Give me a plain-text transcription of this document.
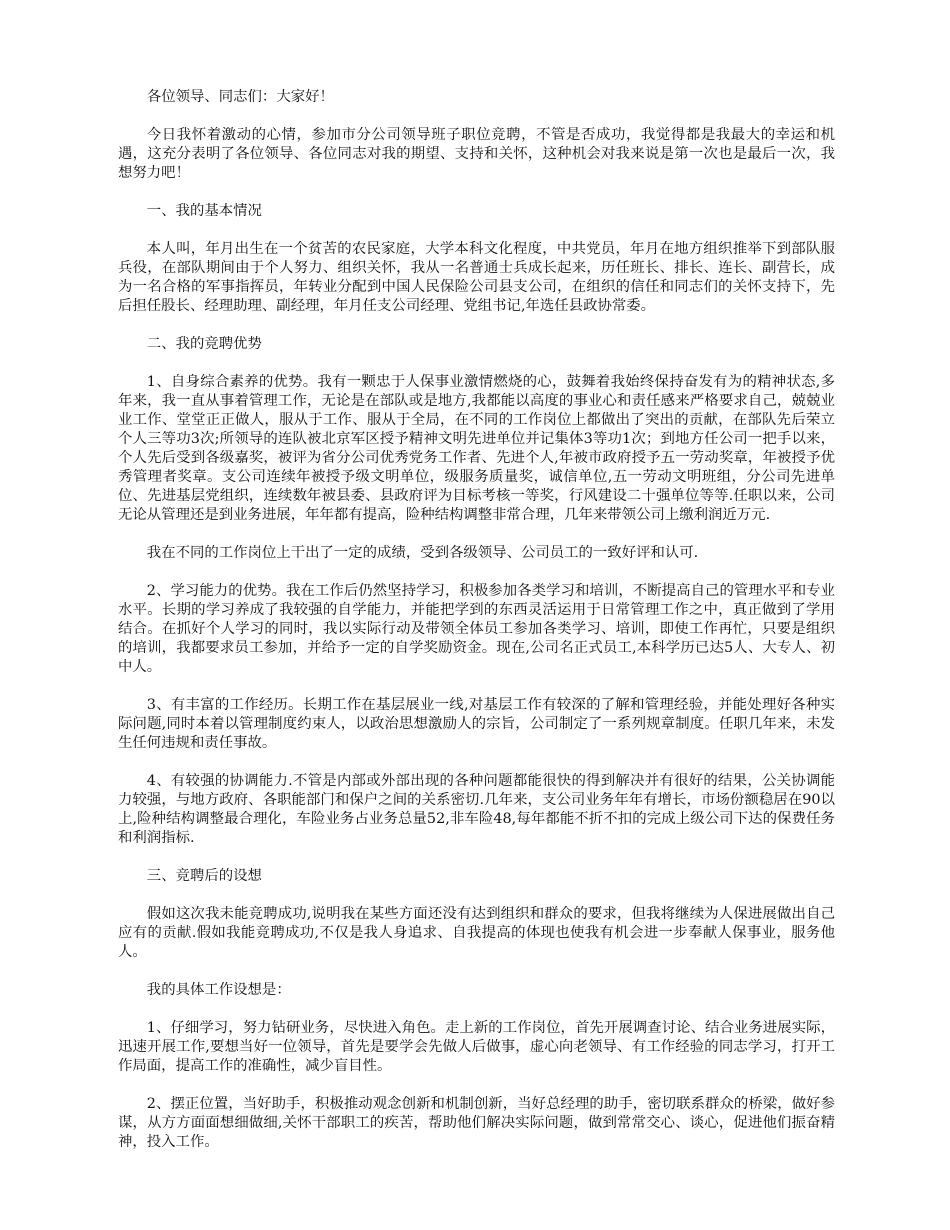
各位领导、同志们：大家好！

今日我怀着激动的心情，参加市分公司领导班子职位竞聘，不管是否成功，我觉得都是我最大的幸运和机遇，这充分表明了各位领导、各位同志对我的期望、支持和关怀，这种机会对我来说是第一次也是最后一次，我想努力吧！

一、我的基本情况

本人叫，年月出生在一个贫苦的农民家庭，大学本科文化程度，中共党员，年月在地方组织推举下到部队服兵役，在部队期间由于个人努力、组织关怀，我从一名普通士兵成长起来，历任班长、排长、连长、副营长，成为一名合格的军事指挥员，年转业分配到中国人民保险公司县支公司，在组织的信任和同志们的关怀支持下，先后担任股长、经理助理、副经理，年月任支公司经理、党组书记,年选任县政协常委。

二、我的竞聘优势

1、自身综合素养的优势。我有一颗忠于人保事业激情燃烧的心，鼓舞着我始终保持奋发有为的精神状态,多年来，我一直从事着管理工作，无论是在部队或是地方,我都能以高度的事业心和责任感来严格要求自己，兢兢业业工作、堂堂正正做人，服从于工作、服从于全局，在不同的工作岗位上都做出了突出的贡献，在部队先后荣立个人三等功3次;所领导的连队被北京军区授予精神文明先进单位并记集体3等功1次；到地方任公司一把手以来，个人先后受到各级嘉奖，被评为省分公司优秀党务工作者、先进个人,年被市政府授予五一劳动奖章，年被授予优秀管理者奖章。支公司连续年被授予级文明单位，级服务质量奖，诚信单位,五一劳动文明班组，分公司先进单位、先进基层党组织，连续数年被县委、县政府评为目标考核一等奖，行风建设二十强单位等等.任职以来，公司无论从管理还是到业务进展，年年都有提高，险种结构调整非常合理，几年来带领公司上缴利润近万元.

我在不同的工作岗位上干出了一定的成绩，受到各级领导、公司员工的一致好评和认可.

2、学习能力的优势。我在工作后仍然坚持学习，积极参加各类学习和培训，不断提高自己的管理水平和专业水平。长期的学习养成了我较强的自学能力，并能把学到的东西灵活运用于日常管理工作之中，真正做到了学用结合。在抓好个人学习的同时，我以实际行动及带领全体员工参加各类学习、培训，即使工作再忙，只要是组织的培训，我都要求员工参加，并给予一定的自学奖励资金。现在,公司名正式员工,本科学历已达5人、大专人、初中人。

3、有丰富的工作经历。长期工作在基层展业一线,对基层工作有较深的了解和管理经验，并能处理好各种实际问题,同时本着以管理制度约束人，以政治思想激励人的宗旨，公司制定了一系列规章制度。任职几年来，未发生任何违规和责任事故。

4、有较强的协调能力.不管是内部或外部出现的各种问题都能很快的得到解决并有很好的结果，公关协调能力较强，与地方政府、各职能部门和保户之间的关系密切.几年来，支公司业务年年有增长，市场份额稳居在90以上,险种结构调整最合理化，车险业务占业务总量52,非车险48,每年都能不折不扣的完成上级公司下达的保费任务和利润指标.

三、竞聘后的设想

假如这次我未能竞聘成功,说明我在某些方面还没有达到组织和群众的要求，但我将继续为人保进展做出自己应有的贡献.假如我能竞聘成功,不仅是我人身追求、自我提高的体现也使我有机会进一步奉献人保事业，服务他人。

我的具体工作设想是：

1、仔细学习，努力钻研业务，尽快进入角色。走上新的工作岗位，首先开展调查讨论、结合业务进展实际，迅速开展工作,要想当好一位领导，首先是要学会先做人后做事，虚心向老领导、有工作经验的同志学习，打开工作局面，提高工作的准确性，减少盲目性。

2、摆正位置，当好助手，积极推动观念创新和机制创新，当好总经理的助手，密切联系群众的桥梁，做好参谋，从方方面面想细做细,关怀干部职工的疾苦，帮助他们解决实际问题，做到常常交心、谈心，促进他们振奋精神，投入工作。
